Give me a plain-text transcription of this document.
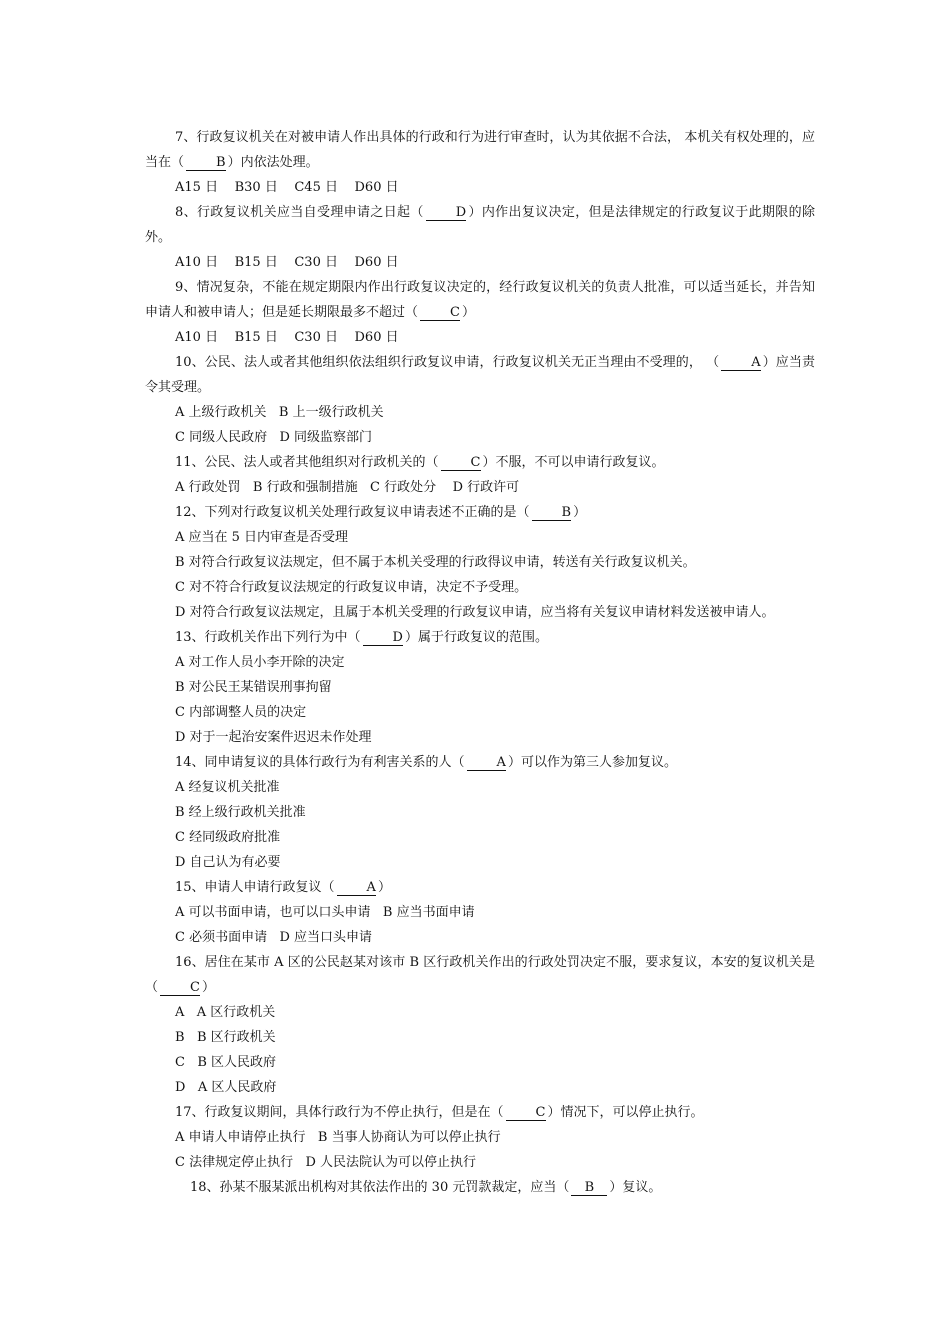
7、行政复议机关在对被申请人作出具体的行政和行为进行审查时，认为其依据不合法， 本机关有权处理的，应当在（ B ）内依法处理。

A15 日    B30 日    C45 日    D60 日

8、行政复议机关应当自受理申请之日起（ D ）内作出复议决定，但是法律规定的行政复议于此期限的除外。

A10 日    B15 日    C30 日    D60 日

9、情况复杂，不能在规定期限内作出行政复议决定的，经行政复议机关的负责人批准，可以适当延长，并告知申请人和被申请人；但是延长期限最多不超过（ C ）

A10 日    B15 日    C30 日    D60 日

10、公民、法人或者其他组织依法组织行政复议申请，行政复议机关无正当理由不受理的， （ A ）应当责令其受理。

A 上级行政机关   B 上一级行政机关

C 同级人民政府   D 同级监察部门

11、公民、法人或者其他组织对行政机关的（ C ）不服，不可以申请行政复议。

A 行政处罚   B 行政和强制措施   C 行政处分    D 行政许可

12、下列对行政复议机关处理行政复议申请表述不正确的是（ B ）

A 应当在 5 日内审查是否受理

B 对符合行政复议法规定，但不属于本机关受理的行政得议申请，转送有关行政复议机关。

C 对不符合行政复议法规定的行政复议申请，决定不予受理。

D 对符合行政复议法规定，且属于本机关受理的行政复议申请，应当将有关复议申请材料发送被申请人。

13、行政机关作出下列行为中（ D ）属于行政复议的范围。

A 对工作人员小李开除的决定

B 对公民王某错误刑事拘留

C 内部调整人员的决定

D 对于一起治安案件迟迟未作处理

14、同申请复议的具体行政行为有利害关系的人（ A ）可以作为第三人参加复议。

A 经复议机关批准

B 经上级行政机关批准

C 经同级政府批准

D 自己认为有必要

15、申请人申请行政复议（ A ）

A 可以书面申请，也可以口头申请   B 应当书面申请

C 必须书面申请   D 应当口头申请

16、居住在某市 A 区的公民赵某对该市 B 区行政机关作出的行政处罚决定不服，要求复议，本安的复议机关是（ C ）

A   A 区行政机关

B   B 区行政机关

C   B 区人民政府

D   A 区人民政府

17、行政复议期间，具体行政行为不停止执行，但是在（ C ）情况下，可以停止执行。

A 申请人申请停止执行   B 当事人协商认为可以停止执行

C 法律规定停止执行   D 人民法院认为可以停止执行

18、孙某不服某派出机构对其依法作出的 30 元罚款裁定，应当（ B ）复议。
